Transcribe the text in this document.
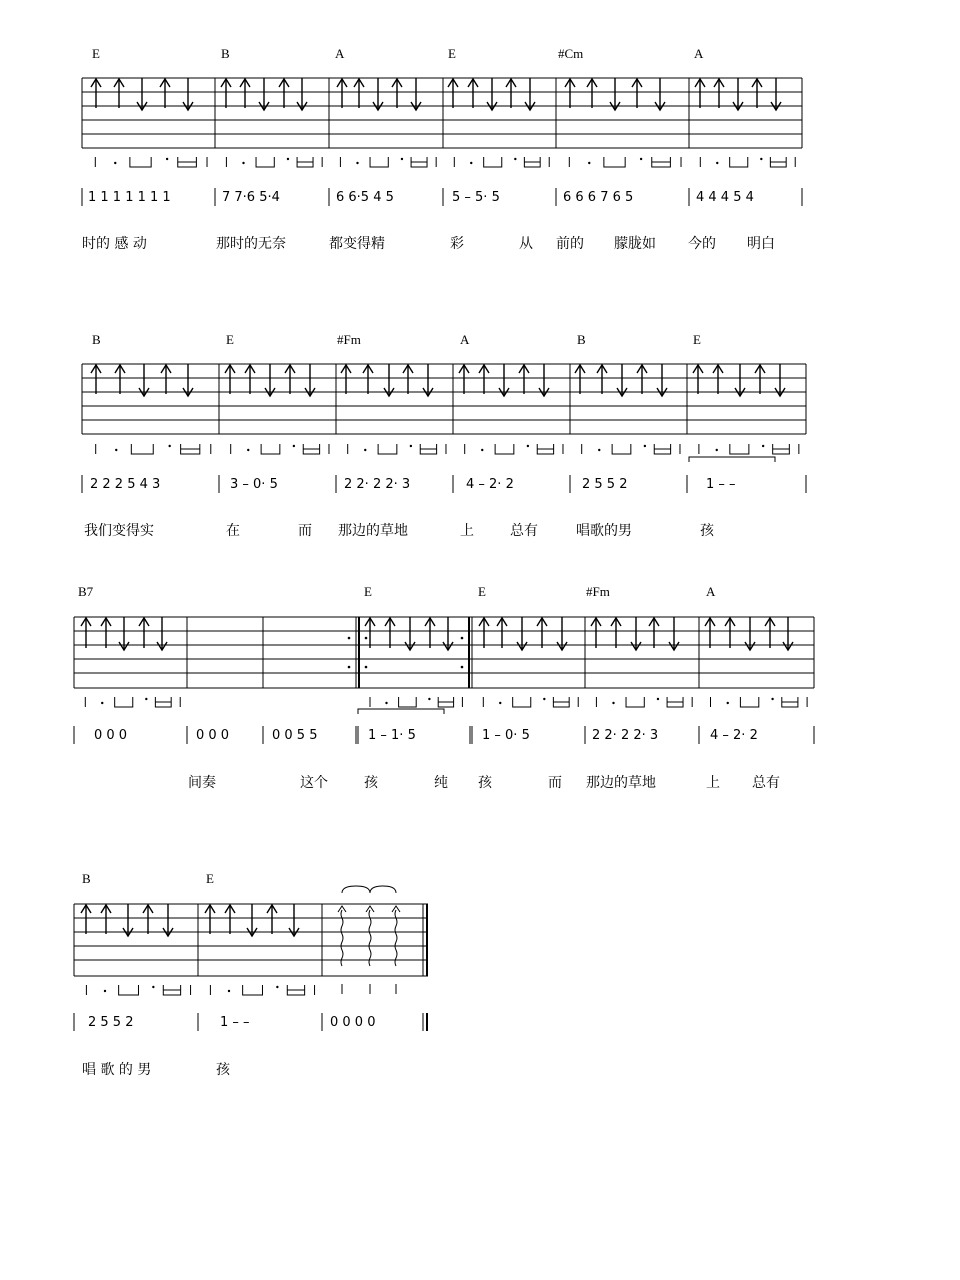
E	B	A	E	#Cm	A
1 1 1 1 1 1 1	7 7·6 5·4	6 6·5 4 5	5 – 5· 5	6 6 6 7 6 5	4 4 4 5 4
时的 感 动	那时的无奈	都变得精	彩	从 前的 朦胧如 今的 明白
B	E	#Fm	A	B	E
2 2 2 5 4 3	3 – 0· 5	2 2· 2 2· 3	4 – 2· 2	2 5 5 2	1 – –
我们变得实	在	而 那边的草地	上	总有	唱歌的男	孩
B7	E	E	#Fm	A
0 0 0	0 0 0	0 0 5 5	1 – 1· 5	1 – 0· 5	2 2· 2 2· 3	4 – 2· 2
间奏	这个	孩	纯 孩	而 那边的草地	上 总有
B	E
2 5 5 2	1 – –	0 0 0 0
唱 歌 的 男	孩
